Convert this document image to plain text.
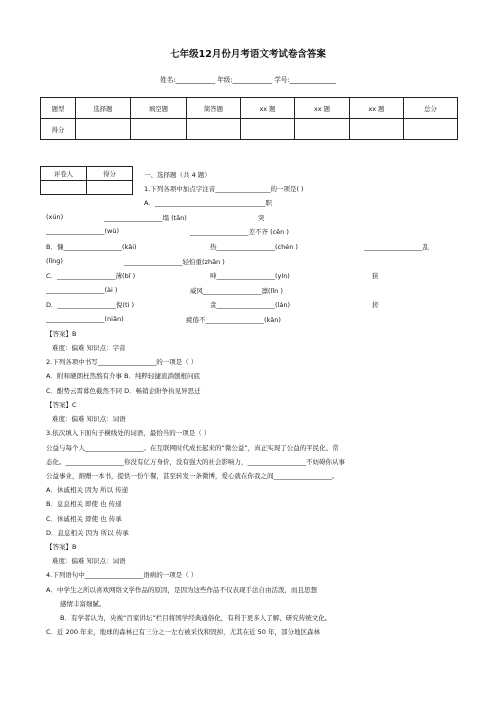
七年级12月份月考语文考试卷含答案
姓名:____________ 年级:____________ 学号:______________
题型	选择题	填空题	简答题	xx 题	xx 题	xx 题	总分
得分							
评卷人	得分
		一、选择题（共 4 题）
1.下列各项中加点字注音_________________的一项是( )
A．__________________________________职
(xún)	__________________塌 (tān)	突
__________________(wù)	__________________差不齐 (cēn )
B．慷__________________(kǎi)	热__________________(chén )	__________________乱
(lǐng)	__________________轻怕重(zhān )
C．__________________薄(bǐ )	呻__________________(yín)	狭
__________________(ài )	威风__________________凛(lǐn )
D．__________________倪(tì )	贪__________________(lán)	搓
__________________(niǎn)	疲倦不__________________(kān)
【答案】B
难度：偏难 知识点：字音
2.下列各项中书写__________________的一项是（ ）
A．附和硬朗枉然熬有介事 B．纯粹轻捷流淌刨根问底
C．酣势云霄暮色截然不同 D．畅销企盼争执见异思迁
【答案】C
难度：偏难 知识点：词语
3.依次填入下面句子横线处的词语，最恰当的一项是（ ）
公益与每个人__________________。在互联网时代成长起来的“微公益”，真正实现了公益的平民化、常
态化。__________________你没有亿万身价，没有强大的社会影响力，__________________不妨碍你从事
公益事业，捐赠一本书，提供一份午餐，甚至转发一条微博，爱心就在你我之间__________________。
A．休戚相关 因为 所以 传递
B．息息相关 即使 也 传递
C．休戚相关 即使 也 传承
D．息息相关 因为 所以 传承
【答案】B
难度：偏难 知识点：词语
4.下列语句中__________________语病的一项是（ ）
A．中学生之所以喜欢网络文学作品的原因，是因为这些作品不仅表现手法自由活泼，而且思想
感情丰富细腻。
B．有学者认为，央视“百家讲坛”栏目将国学经典通俗化，有利于更多人了解、研究传统文化。
C．近 200 年来，地球的森林已有三分之一左右被采伐和毁掉，尤其在近 50 年，部分地区森林
